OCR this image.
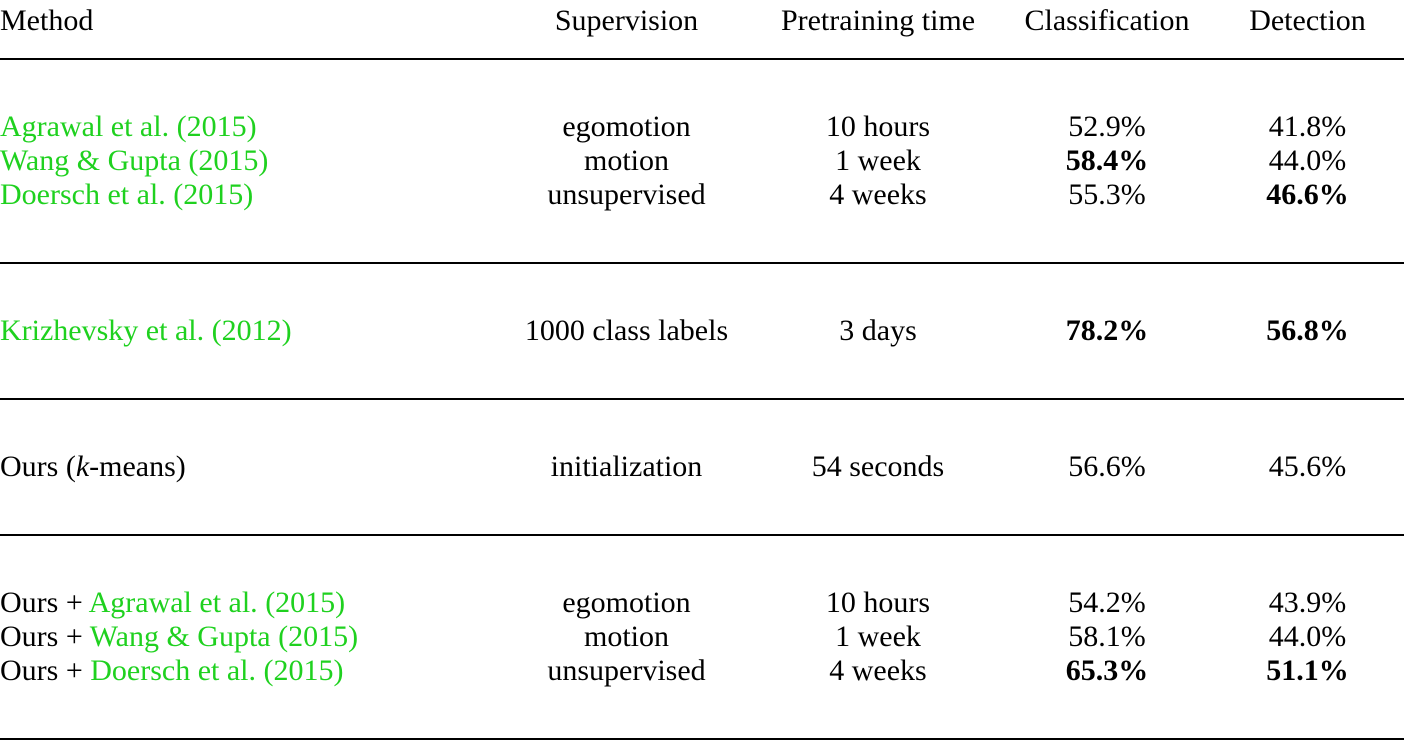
Method	Supervision	Pretraining time	Classification	Detection

Agrawal et al. (2015)	egomotion	10 hours	52.9%	41.8%
Wang & Gupta (2015)	motion	1 week	58.4%	44.0%
Doersch et al. (2015)	unsupervised	4 weeks	55.3%	46.6%

Krizhevsky et al. (2012)	1000 class labels	3 days	78.2%	56.8%

Ours (k-means)	initialization	54 seconds	56.6%	45.6%

Ours + Agrawal et al. (2015)	egomotion	10 hours	54.2%	43.9%
Ours + Wang & Gupta (2015)	motion	1 week	58.1%	44.0%
Ours + Doersch et al. (2015)	unsupervised	4 weeks	65.3%	51.1%
